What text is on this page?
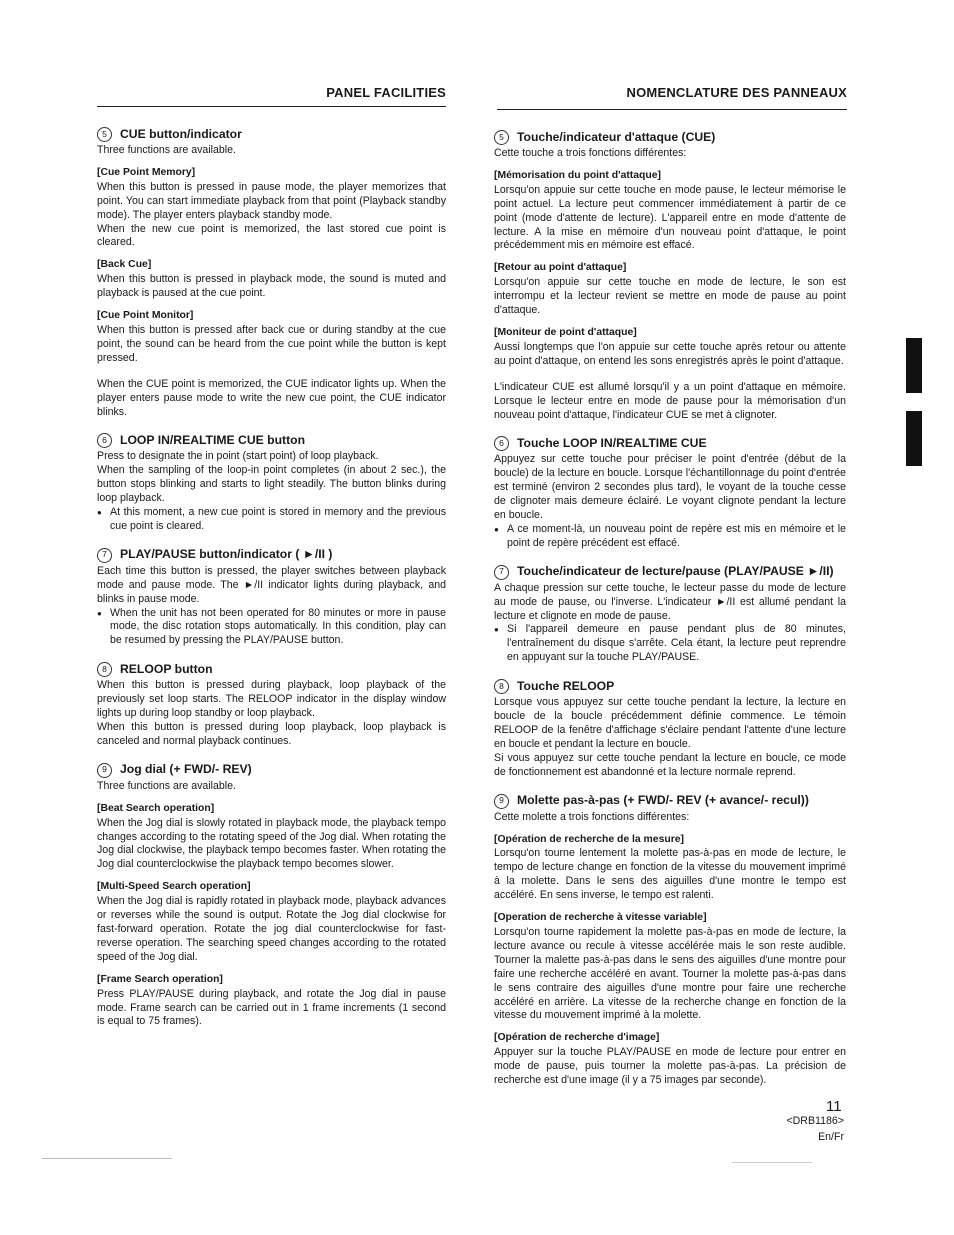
PANEL FACILITIES	NOMENCLATURE DES PANNEAUX
5	CUE button/indicator

Three functions are available.

[Cue Point Memory]

When this button is pressed in pause mode, the player memorizes that point. You can start immediate playback from that point (Playback standby mode). The player enters playback standby mode.

When the new cue point is memorized, the last stored cue point is cleared.

[Back Cue]

When this button is pressed in playback mode, the sound is muted and playback is paused at the cue point.

[Cue Point Monitor]

When this button is pressed after back cue or during standby at the cue point, the sound can be heard from the cue point while the button is kept pressed.

When the CUE point is memorized, the CUE indicator lights up. When the player enters pause mode to write the new cue point, the CUE indicator blinks.

6	LOOP IN/REALTIME CUE button

Press to designate the in point (start point) of loop playback.

When the sampling of the loop-in point completes (in about 2 sec.), the button stops blinking and starts to light steadily. The button blinks during loop playback.

● At this moment, a new cue point is stored in memory and the previous cue point is cleared.

7	PLAY/PAUSE button/indicator ( ►/II )

Each time this button is pressed, the player switches between playback mode and pause mode. The ►/II indicator lights during playback, and blinks in pause mode.

● When the unit has not been operated for 80 minutes or more in pause mode, the disc rotation stops automatically. In this condition, play can be resumed by pressing the PLAY/PAUSE button.

8	RELOOP button

When this button is pressed during playback, loop playback of the previously set loop starts. The RELOOP indicator in the display window lights up during loop standby or loop playback.

When this button is pressed during loop playback, loop playback is canceled and normal playback continues.

9	Jog dial (+ FWD/- REV)

Three functions are available.

[Beat Search operation]

When the Jog dial is slowly rotated in playback mode, the playback tempo changes according to the rotating speed of the Jog dial. When rotating the Jog dial clockwise, the playback tempo becomes faster. When rotating the Jog dial counterclockwise the playback tempo becomes slower.

[Multi-Speed Search operation]

When the Jog dial is rapidly rotated in playback mode, playback advances or reverses while the sound is output. Rotate the Jog dial clockwise for fast-forward operation. Rotate the jog dial counterclockwise for fast-reverse operation. The searching speed changes according to the rotated speed of the Jog dial.

[Frame Search operation]

Press PLAY/PAUSE during playback, and rotate the Jog dial in pause mode. Frame search can be carried out in 1 frame increments (1 second is equal to 75 frames).

5	Touche/indicateur d'attaque (CUE)

Cette touche a trois fonctions différentes:

[Mémorisation du point d'attaque]

Lorsqu'on appuie sur cette touche en mode pause, le lecteur mémorise le point actuel. La lecture peut commencer immédiatement à partir de ce point (mode d'attente de lecture). L'appareil entre en mode d'attente de lecture. A la mise en mémoire d'un nouveau point d'attaque, le point précédemment mis en mémoire est effacé.

[Retour au point d'attaque]

Lorsqu'on appuie sur cette touche en mode de lecture, le son est interrompu et la lecteur revient se mettre en mode de pause au point d'attaque.

[Moniteur de point d'attaque]

Aussi longtemps que l'on appuie sur cette touche après retour ou attente au point d'attaque, on entend les sons enregistrés après le point d'attaque.

L'indicateur CUE est allumé lorsqu'il y a un point d'attaque en mémoire. Lorsque le lecteur entre en mode de pause pour la mémorisation d'un nouveau point d'attaque, l'indicateur CUE se met à clignoter.

6	Touche LOOP IN/REALTIME CUE

Appuyez sur cette touche pour préciser le point d'entrée (début de la boucle) de la lecture en boucle. Lorsque l'échantillonnage du point d'entrée est terminé (environ 2 secondes plus tard), le voyant de la touche cesse de clignoter mais demeure éclairé. Le voyant clignote pendant la lecture en boucle.

● A ce moment-là, un nouveau point de repère est mis en mémoire et le point de repère précédent est effacé.

7	Touche/indicateur de lecture/pause (PLAY/PAUSE ►/II)

A chaque pression sur cette touche, le lecteur passe du mode de lecture au mode de pause, ou l'inverse. L'indicateur ►/II est allumé pendant la lecture et clignote en mode de pause.

● Si l'appareil demeure en pause pendant plus de 80 minutes, l'entraînement du disque s'arrête. Cela étant, la lecture peut reprendre en appuyant sur la touche PLAY/PAUSE.

8	Touche RELOOP

Lorsque vous appuyez sur cette touche pendant la lecture, la lecture en boucle de la boucle précédemment définie commence. Le témoin RELOOP de la fenêtre d'affichage s'éclaire pendant l'attente d'une lecture en boucle et pendant la lecture en boucle.

Si vous appuyez sur cette touche pendant la lecture en boucle, ce mode de fonctionnement est abandonné et la lecture normale reprend.

9	Molette pas-à-pas (+ FWD/- REV (+ avance/- recul))

Cette molette a trois fonctions différentes:

[Opération de recherche de la mesure]

Lorsqu'on tourne lentement la molette pas-à-pas en mode de lecture, le tempo de lecture change en fonction de la vitesse du mouvement imprimé à la molette. Dans le sens des aiguilles d'une montre le tempo est accéléré. En sens inverse, le tempo est ralenti.

[Operation de recherche à vitesse variable]

Lorsqu'on tourne rapidement la molette pas-à-pas en mode de lecture, la lecture avance ou recule à vitesse accélérée mais le son reste audible. Tourner la malette pas-à-pas dans le sens des aiguilles d'une montre pour faire une recherche accéléré en avant. Tourner la molette pas-à-pas dans le sens contraire des aiguilles d'une montre pour faire une recherche accéléré en arrière. La vitesse de la recherche change en fonction de la vitesse du mouvement imprimé à la molette.

[Opération de recherche d'image]

Appuyer sur la touche PLAY/PAUSE en mode de lecture pour entrer en mode de pause, puis tourner la molette pas-à-pas. La précision de recherche est d'une image (il y a 75 images par seconde).

11
<DRB1186>
En/Fr
